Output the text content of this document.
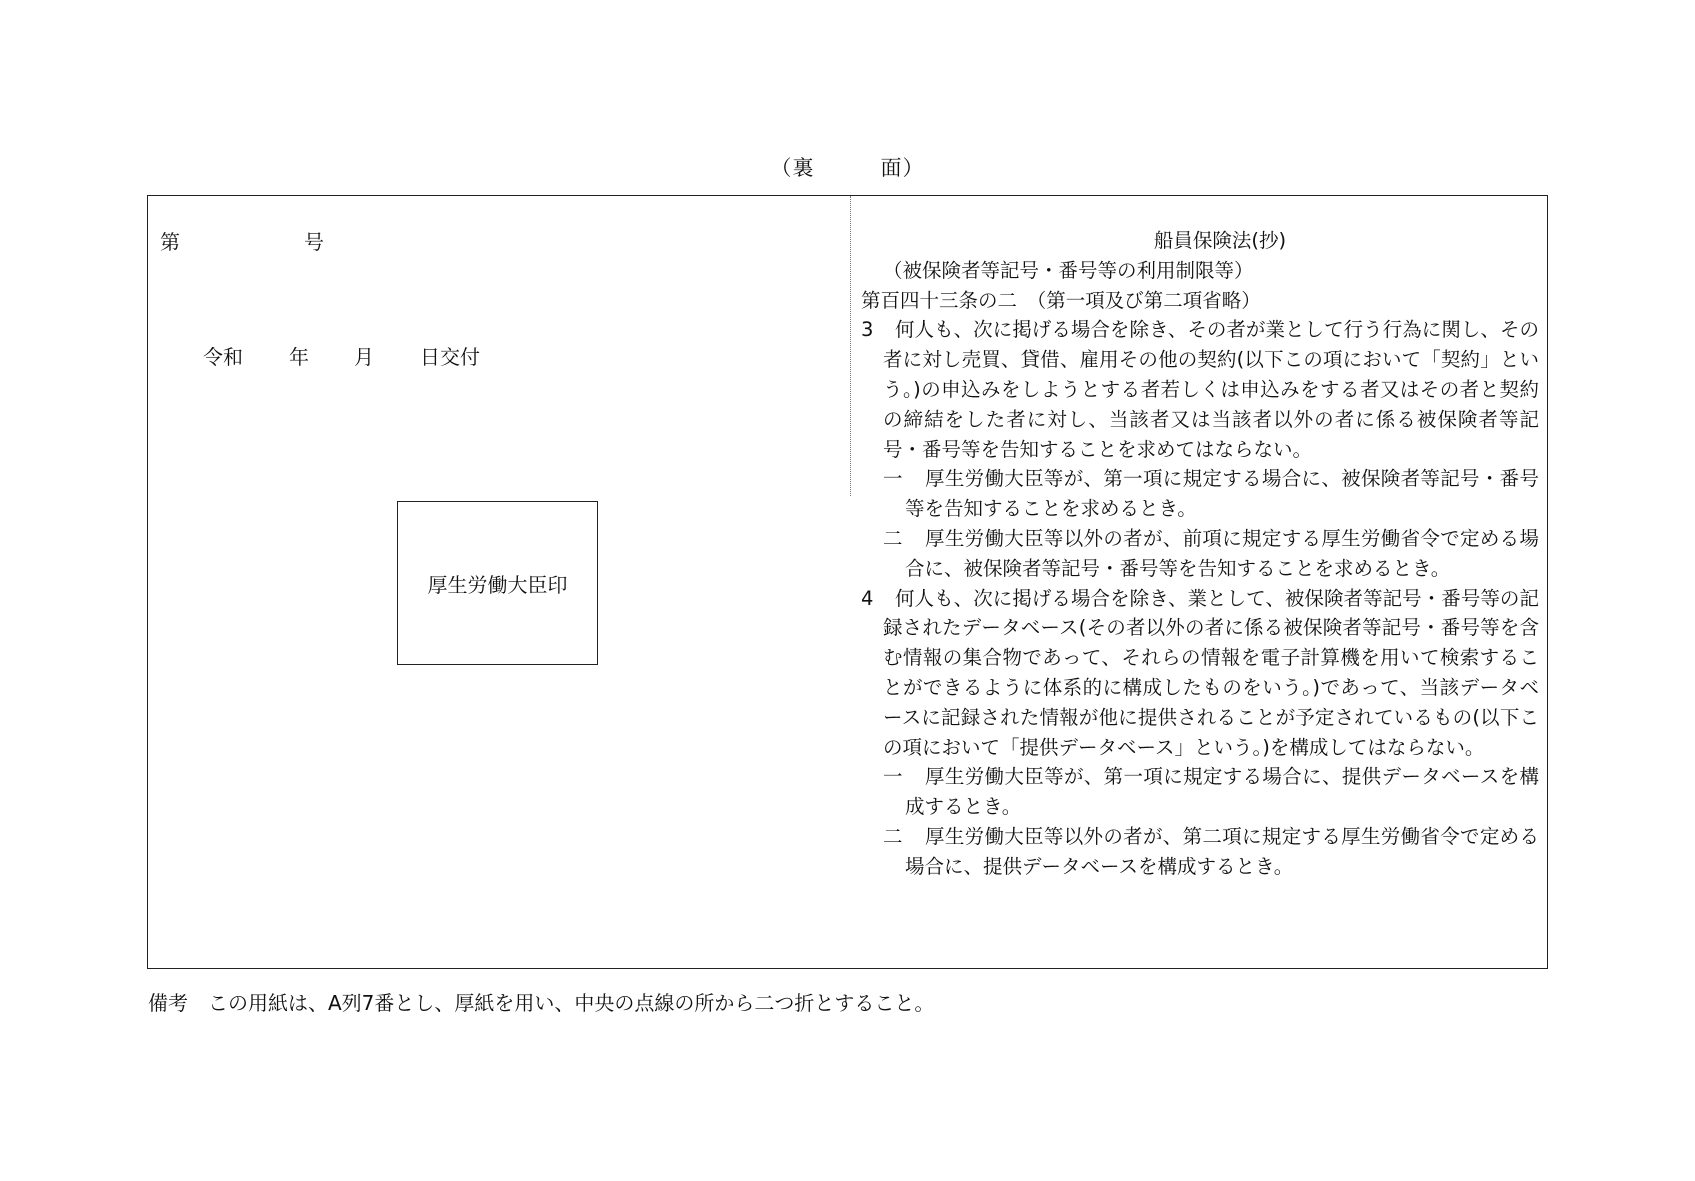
（裏　　　面）
第	号
令和 年 月 日交付
厚生労働大臣印
船員保険法(抄)
（被保険者等記号・番号等の利用制限等）
第百四十三条の二　（第一項及び第二項省略）
3	何人も、次に掲げる場合を除き、その者が業として行う行為に関し、その者に対し売買、貸借、雇用その他の契約(以下この項において「契約」という。)の申込みをしようとする者若しくは申込みをする者又はその者と契約の締結をした者に対し、当該者又は当該者以外の者に係る被保険者等記号・番号等を告知することを求めてはならない。
一	厚生労働大臣等が、第一項に規定する場合に、被保険者等記号・番号等を告知することを求めるとき。
二	厚生労働大臣等以外の者が、前項に規定する厚生労働省令で定める場合に、被保険者等記号・番号等を告知することを求めるとき。
4	何人も、次に掲げる場合を除き、業として、被保険者等記号・番号等の記録されたデータベース(その者以外の者に係る被保険者等記号・番号等を含む情報の集合物であって、それらの情報を電子計算機を用いて検索することができるように体系的に構成したものをいう。)であって、当該データベースに記録された情報が他に提供されることが予定されているもの(以下この項において「提供データベース」という。)を構成してはならない。
一	厚生労働大臣等が、第一項に規定する場合に、提供データベースを構成するとき。
二	厚生労働大臣等以外の者が、第二項に規定する厚生労働省令で定める場合に、提供データベースを構成するとき。
備考　この用紙は、A列7番とし、厚紙を用い、中央の点線の所から二つ折とすること。
